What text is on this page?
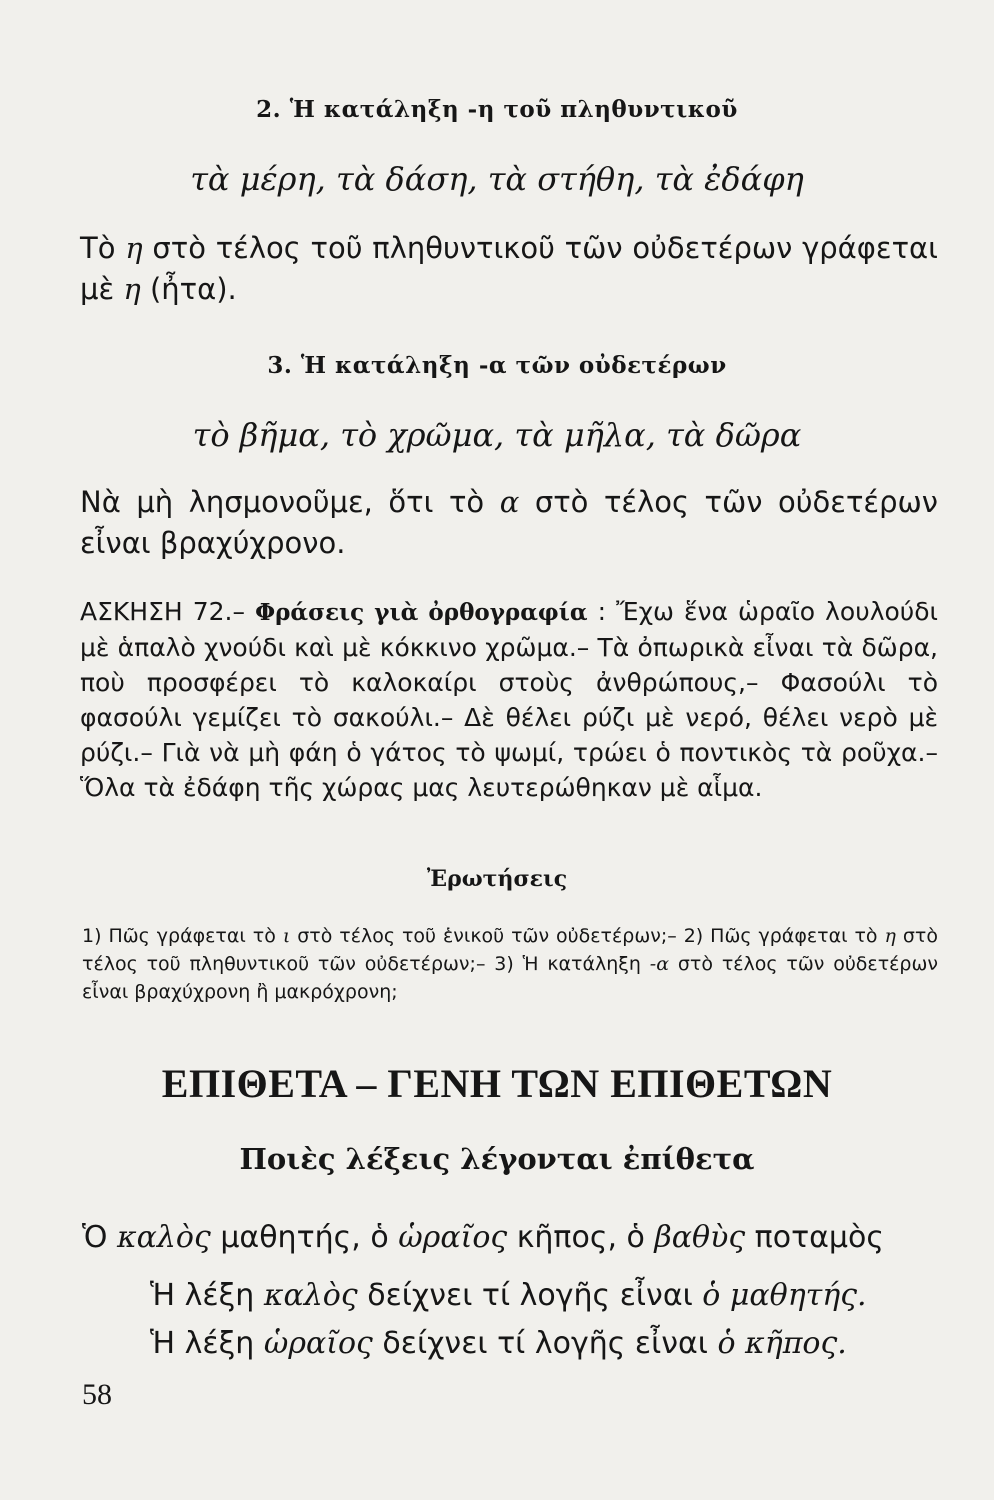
2. Ἡ κατάληξη -η τοῦ πληθυντικοῦ
τὰ μέρη, τὰ δάση, τὰ στήθη, τὰ ἐδάφη

Τὸ η στὸ τέλος τοῦ πληθυντικοῦ τῶν οὐδετέρων γράφεται μὲ η (ἦτα).

3. Ἡ κατάληξη -α τῶν οὐδετέρων
τὸ βῆμα, τὸ χρῶμα, τὰ μῆλα, τὰ δῶρα

Νὰ μὴ λησμονοῦμε, ὅτι τὸ α στὸ τέλος τῶν οὐδετέρων εἶναι βραχύχρονο.

ΑΣΚΗΣΗ 72.– Φράσεις γιὰ ὀρθογραφία : Ἔχω ἕνα ὡραῖο λουλούδι μὲ ἁπαλὸ χνούδι καὶ μὲ κόκκινο χρῶμα.– Τὰ ὀπωρικὰ εἶναι τὰ δῶρα, ποὺ προσφέρει τὸ καλοκαίρι στοὺς ἀνθρώπους,– Φασούλι τὸ φασούλι γεμίζει τὸ σακούλι.– Δὲ θέλει ρύζι μὲ νερό, θέλει νερὸ μὲ ρύζι.– Γιὰ νὰ μὴ φάη ὁ γάτος τὸ ψωμί, τρώει ὁ ποντικὸς τὰ ροῦχα.–Ὅλα τὰ ἐδάφη τῆς χώρας μας λευτερώθηκαν μὲ αἷμα.
Ἐρωτήσεις
1) Πῶς γράφεται τὸ ι στὸ τέλος τοῦ ἑνικοῦ τῶν οὐδετέρων;– 2) Πῶς γράφεται τὸ η στὸ τέλος τοῦ πληθυντικοῦ τῶν οὐδετέρων;– 3) Ἡ κατάληξη -α στὸ τέλος τῶν οὐδετέρων εἶναι βραχύχρονη ἢ μακρόχρονη;
ΕΠΙΘΕΤΑ – ΓΕΝΗ ΤΩΝ ΕΠΙΘΕΤΩΝ
Ποιὲς λέξεις λέγονται ἐπίθετα
Ὁ καλὸς μαθητής, ὁ ὡραῖος κῆπος, ὁ βαθὺς ποταμὸς
Ἡ λέξη καλὸς δείχνει τί λογῆς εἶναι ὁ μαθητής.
Ἡ λέξη ὡραῖος δείχνει τί λογῆς εἶναι ὁ κῆπος.
58
